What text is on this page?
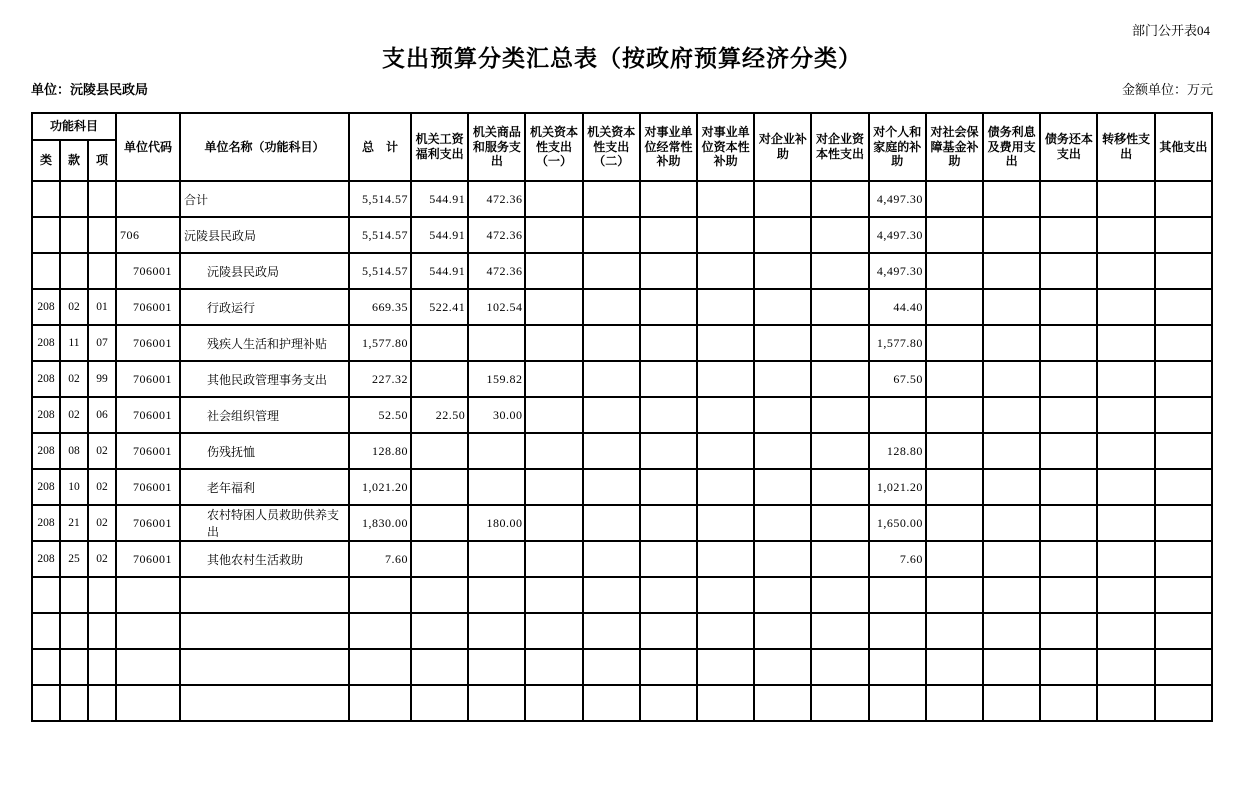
部门公开表04
支出预算分类汇总表（按政府预算经济分类）
单位：沅陵县民政局	金额单位：万元
功能科目			单位代码	单位名称（功能科目）	总　计	机关工资福利支出	机关商品和服务支出	机关资本性支出（一）	机关资本性支出（二）	对事业单位经常性补助	对事业单位资本性补助	对企业补助	对企业资本性支出	对个人和家庭的补助	对社会保障基金补助	债务利息及费用支出	债务还本支出	转移性支出	其他支出
类	款	项																	
				合计	5,514.57	544.91	472.36							4,497.30					
			706	沅陵县民政局	5,514.57	544.91	472.36							4,497.30					
			706001	沅陵县民政局	5,514.57	544.91	472.36							4,497.30					
208	02	01	706001	行政运行	669.35	522.41	102.54							44.40					
208	11	07	706001	残疾人生活和护理补贴	1,577.80									1,577.80					
208	02	99	706001	其他民政管理事务支出	227.32		159.82							67.50					
208	02	06	706001	社会组织管理	52.50	22.50	30.00												
208	08	02	706001	伤残抚恤	128.80									128.80					
208	10	02	706001	老年福利	1,021.20									1,021.20					
208	21	02	706001	农村特困人员救助供养支出	1,830.00		180.00							1,650.00					
208	25	02	706001	其他农村生活救助	7.60									7.60					
